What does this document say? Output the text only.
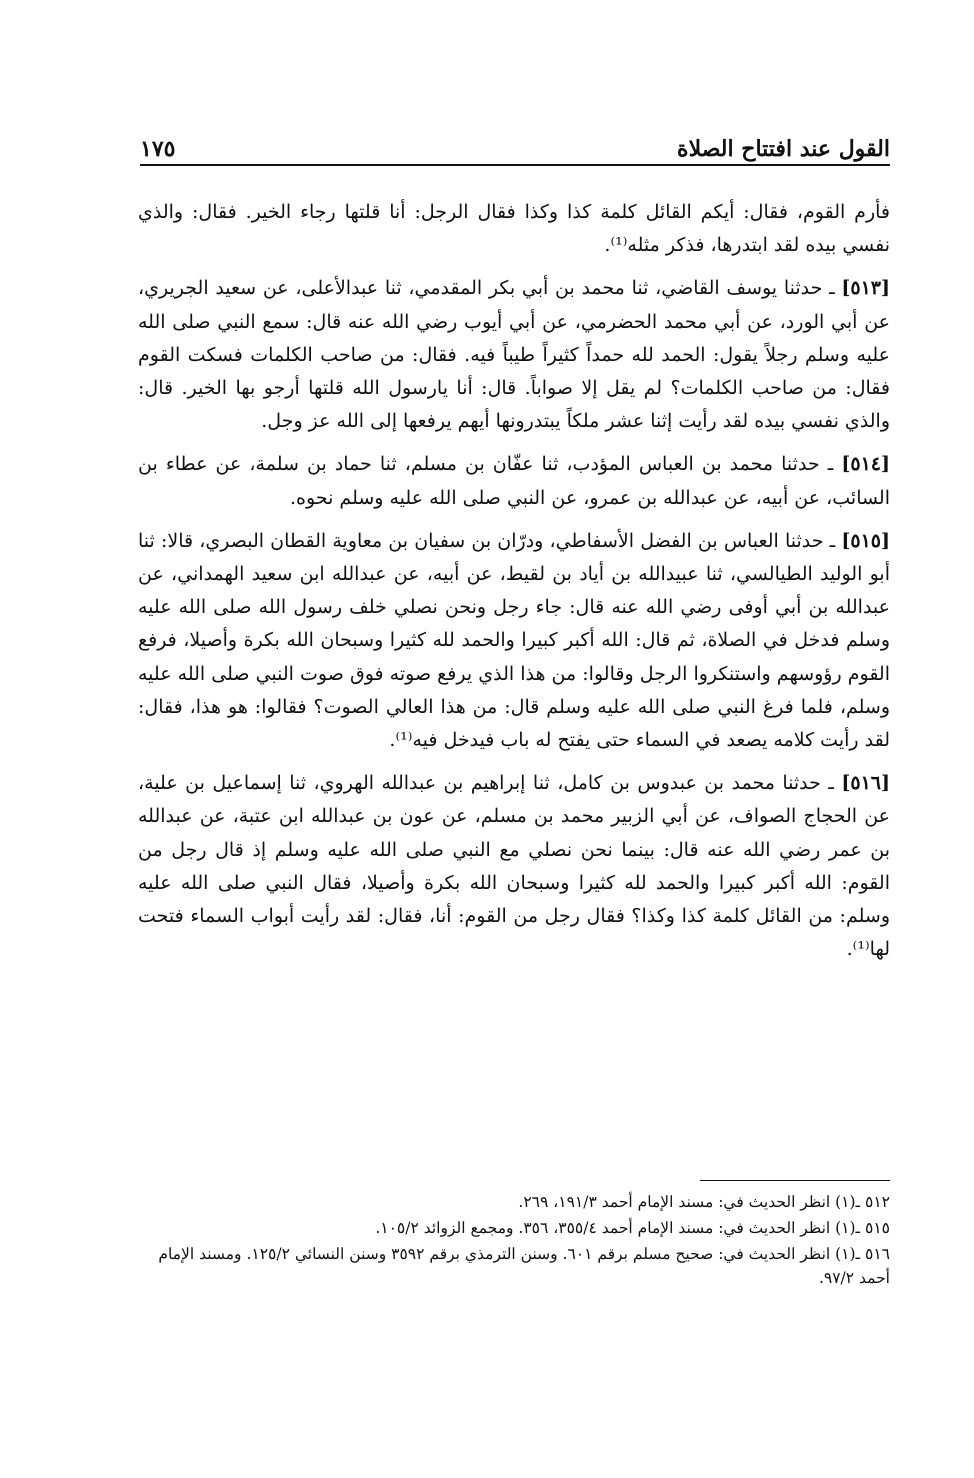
القول عند افتتاح الصلاة
١٧٥

فأرم القوم، فقال: أيكم القائل كلمة كذا وكذا فقال الرجل: أنا قلتها رجاء الخير. فقال: والذي نفسي بيده لقد ابتدرها، فذكر مثله⁽¹⁾.

[٥١٣] ـ حدثنا يوسف القاضي، ثنا محمد بن أبي بكر المقدمي، ثنا عبدالأعلى، عن سعيد الجريري، عن أبي الورد، عن أبي محمد الحضرمي، عن أبي أيوب رضي الله عنه قال: سمع النبي صلى الله عليه وسلم رجلاً يقول: الحمد لله حمداً كثيراً طيباً فيه. فقال: من صاحب الكلمات فسكت القوم فقال: من صاحب الكلمات؟ لم يقل إلا صواباً. قال: أنا يارسول الله قلتها أرجو بها الخير. قال: والذي نفسي بيده لقد رأيت إثنا عشر ملكاً يبتدرونها أيهم يرفعها إلى الله عز وجل.

[٥١٤] ـ حدثنا محمد بن العباس المؤدب، ثنا عفّان بن مسلم، ثنا حماد بن سلمة، عن عطاء بن السائب، عن أبيه، عن عبدالله بن عمرو، عن النبي صلى الله عليه وسلم نحوه.

[٥١٥] ـ حدثنا العباس بن الفضل الأسفاطي، ودرّان بن سفيان بن معاوية القطان البصري، قالا: ثنا أبو الوليد الطيالسي، ثنا عبيدالله بن أياد بن لقيط، عن أبيه، عن عبدالله ابن سعيد الهمداني، عن عبدالله بن أبي أوفى رضي الله عنه قال: جاء رجل ونحن نصلي خلف رسول الله صلى الله عليه وسلم فدخل في الصلاة، ثم قال: الله أكبر كبيرا والحمد لله كثيرا وسبحان الله بكرة وأصيلا، فرفع القوم رؤوسهم واستنكروا الرجل وقالوا: من هذا الذي يرفع صوته فوق صوت النبي صلى الله عليه وسلم، فلما فرغ النبي صلى الله عليه وسلم قال: من هذا العالي الصوت؟ فقالوا: هو هذا، فقال: لقد رأيت كلامه يصعد في السماء حتى يفتح له باب فيدخل فيه⁽¹⁾.

[٥١٦] ـ حدثنا محمد بن عبدوس بن كامل، ثنا إبراهيم بن عبدالله الهروي، ثنا إسماعيل بن علية، عن الحجاج الصواف، عن أبي الزبير محمد بن مسلم، عن عون بن عبدالله ابن عتبة، عن عبدالله بن عمر رضي الله عنه قال: بينما نحن نصلي مع النبي صلى الله عليه وسلم إذ قال رجل من القوم: الله أكبر كبيرا والحمد لله كثيرا وسبحان الله بكرة وأصيلا، فقال النبي صلى الله عليه وسلم: من القائل كلمة كذا وكذا؟ فقال رجل من القوم: أنا، فقال: لقد رأيت أبواب السماء فتحت لها⁽¹⁾.

٥١٢ ـ(١) انظر الحديث في: مسند الإمام أحمد ١٩١/٣، ٢٦٩.

٥١٥ ـ(١) انظر الحديث في: مسند الإمام أحمد ٣٥٥/٤، ٣٥٦. ومجمع الزوائد ١٠٥/٢.

٥١٦ ـ(١) انظر الحديث في: صحيح مسلم برقم ٦٠١. وسنن الترمذي برقم ٣٥٩٢ وسنن النسائي ١٢٥/٢. ومسند الإمام أحمد ٩٧/٢.
